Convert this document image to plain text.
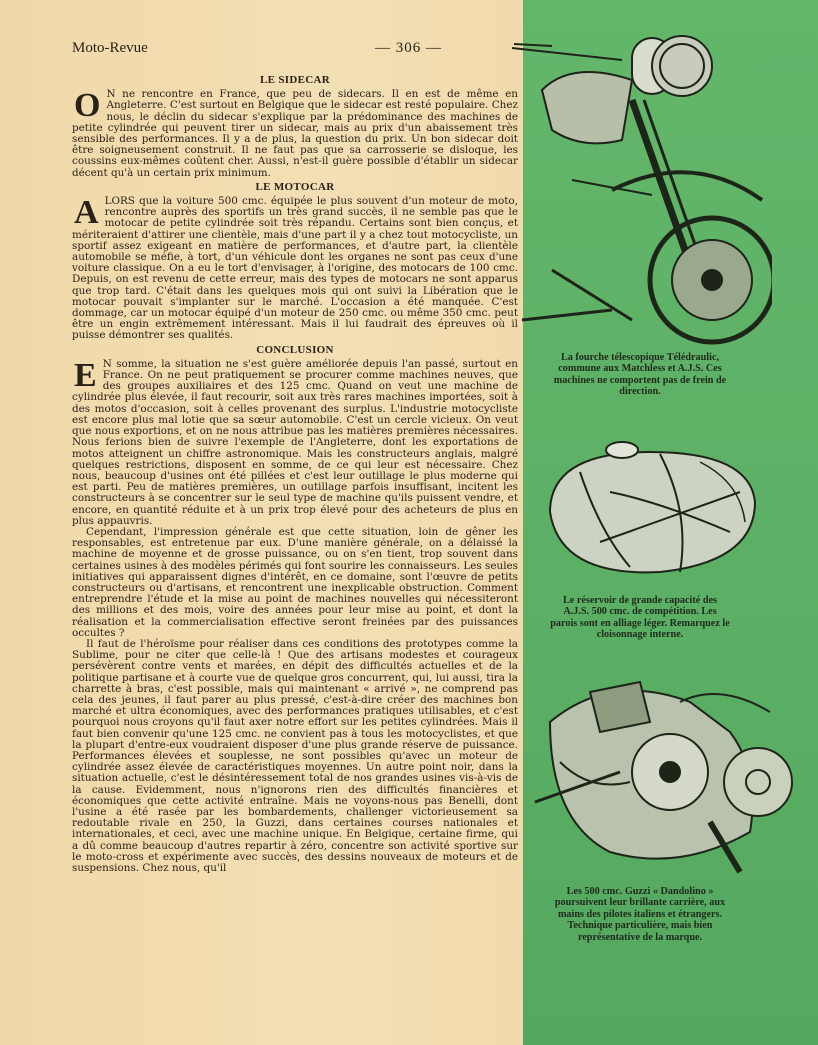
Moto-Revue	— 306 —
LE SIDECAR

O N ne rencontre en France, que peu de sidecars. Il en est de même en Angleterre. C'est surtout en Belgique que le sidecar est resté populaire. Chez nous, le déclin du sidecar s'explique par la prédominance des machines de petite cylindrée qui peuvent tirer un sidecar, mais au prix d'un abaissement très sensible des performances. Il y a de plus, la question du prix. Un bon sidecar doit être soigneusement construit. Il ne faut pas que sa carrosserie se disloque, les coussins eux-mêmes coûtent cher. Aussi, n'est-il guère possible d'établir un sidecar décent qu'à un certain prix minimum.

LE MOTOCAR

ALORS que la voiture 500 cmc. équipée le plus souvent d'un moteur de moto, rencontre auprès des sportifs un très grand succès, il ne semble pas que le motocar de petite cylindrée soit très répandu. Certains sont bien conçus, et mériteraient d'attirer une clientèle, mais d'une part il y a chez tout motocycliste, un sportif assez exigeant en matière de performances, et d'autre part, la clientèle automobile se méfie, à tort, d'un véhicule dont les organes ne sont pas ceux d'une voiture classique. On a eu le tort d'envisager, à l'origine, des motocars de 100 cmc. Depuis, on est revenu de cette erreur, mais des types de motocars ne sont apparus que trop tard. C'était dans les quelques mois qui ont suivi la Libération que le motocar pouvait s'implanter sur le marché. L'occasion a été manquée. C'est dommage, car un motocar équipé d'un moteur de 250 cmc. ou même 350 cmc. peut être un engin extrêmement intéressant. Mais il lui faudrait des épreuves où il puisse démontrer ses qualités.

CONCLUSION

E N somme, la situation ne s'est guère améliorée depuis l'an passé, surtout en France. On ne peut pratiquement se procurer comme machines neuves, que des groupes auxiliaires et des 125 cmc. Quand on veut une machine de cylindrée plus élevée, il faut recourir, soit aux très rares machines importées, soit à des motos d'occasion, soit à celles provenant des surplus. L'industrie motocycliste est encore plus mal lotie que sa sœur automobile. C'est un cercle vicieux. On veut que nous exportions, et on ne nous attribue pas les matières premières nécessaires. Nous ferions bien de suivre l'exemple de l'Angleterre, dont les exportations de motos atteignent un chiffre astronomique. Mais les constructeurs anglais, malgré quelques restrictions, disposent en somme, de ce qui leur est nécessaire. Chez nous, beaucoup d'usines ont été pillées et c'est leur outillage le plus moderne qui est parti. Peu de matières premières, un outillage parfois insuffisant, incitent les constructeurs à se concentrer sur le seul type de machine qu'ils puissent vendre, et encore, en quantité réduite et à un prix trop élevé pour des acheteurs de plus en plus appauvris.

Cependant, l'impression générale est que cette situation, loin de gêner les responsables, est entretenue par eux. D'une manière générale, on a délaissé la machine de moyenne et de grosse puissance, ou on s'en tient, trop souvent dans certaines usines à des modèles périmés qui font sourire les connaisseurs. Les seules initiatives qui apparaissent dignes d'intérêt, en ce domaine, sont l'œuvre de petits constructeurs ou d'artisans, et rencontrent une inexplicable obstruction. Comment entreprendre l'étude et la mise au point de machines nouvelles qui nécessiteront des millions et des mois, voire des années pour leur mise au point, et dont la réalisation et la commercialisation effective seront freinées par des puissances occultes ?

Il faut de l'héroïsme pour réaliser dans ces conditions des prototypes comme la Sublime, pour ne citer que celle-là ! Que des artisans modestes et courageux persévèrent contre vents et marées, en dépit des difficultés actuelles et de la politique partisane et à courte vue de quelque gros concurrent, qui, lui aussi, tira la charrette à bras, c'est possible, mais qui maintenant « arrivé », ne comprend pas cela des jeunes, il faut parer au plus pressé, c'est-à-dire créer des machines bon marché et ultra économiques, avec des performances pratiques utilisables, et c'est pourquoi nous croyons qu'il faut axer notre effort sur les petites cylindrées. Mais il faut bien convenir qu'une 125 cmc. ne convient pas à tous les motocyclistes, et que la plupart d'entre-eux voudraient disposer d'une plus grande réserve de puissance. Performances élevées et souplesse, ne sont possibles qu'avec un moteur de cylindrée assez élevée de caractéristiques moyennes. Un autre point noir, dans la situation actuelle, c'est le désintéressement total de nos grandes usines vis-à-vis de la cause. Evidemment, nous n'ignorons rien des difficultés financières et économiques que cette activité entraîne. Mais ne voyons-nous pas Benelli, dont l'usine a été rasée par les bombardements, challenger victorieusement sa redoutable rivale en 250, la Guzzi, dans certaines courses nationales et internationales, et ceci, avec une machine unique. En Belgique, certaine firme, qui a dû comme beaucoup d'autres repartir à zéro, concentre son activité sportive sur le moto-cross et expérimente avec succès, des dessins nouveaux de moteurs et de suspensions. Chez nous, qu'il

La fourche télescopique Télédraulic, commune aux Matchless et A.J.S. Ces machines ne comportent pas de frein de direction.
Le réservoir de grande capacité des A.J.S. 500 cmc. de compétition. Les parois sont en alliage léger. Remarquez le cloisonnage interne.
Les 500 cmc. Guzzi « Dandolino » poursuivent leur brillante carrière, aux mains des pilotes italiens et étrangers. Technique particulière, mais bien représentative de la marque.
